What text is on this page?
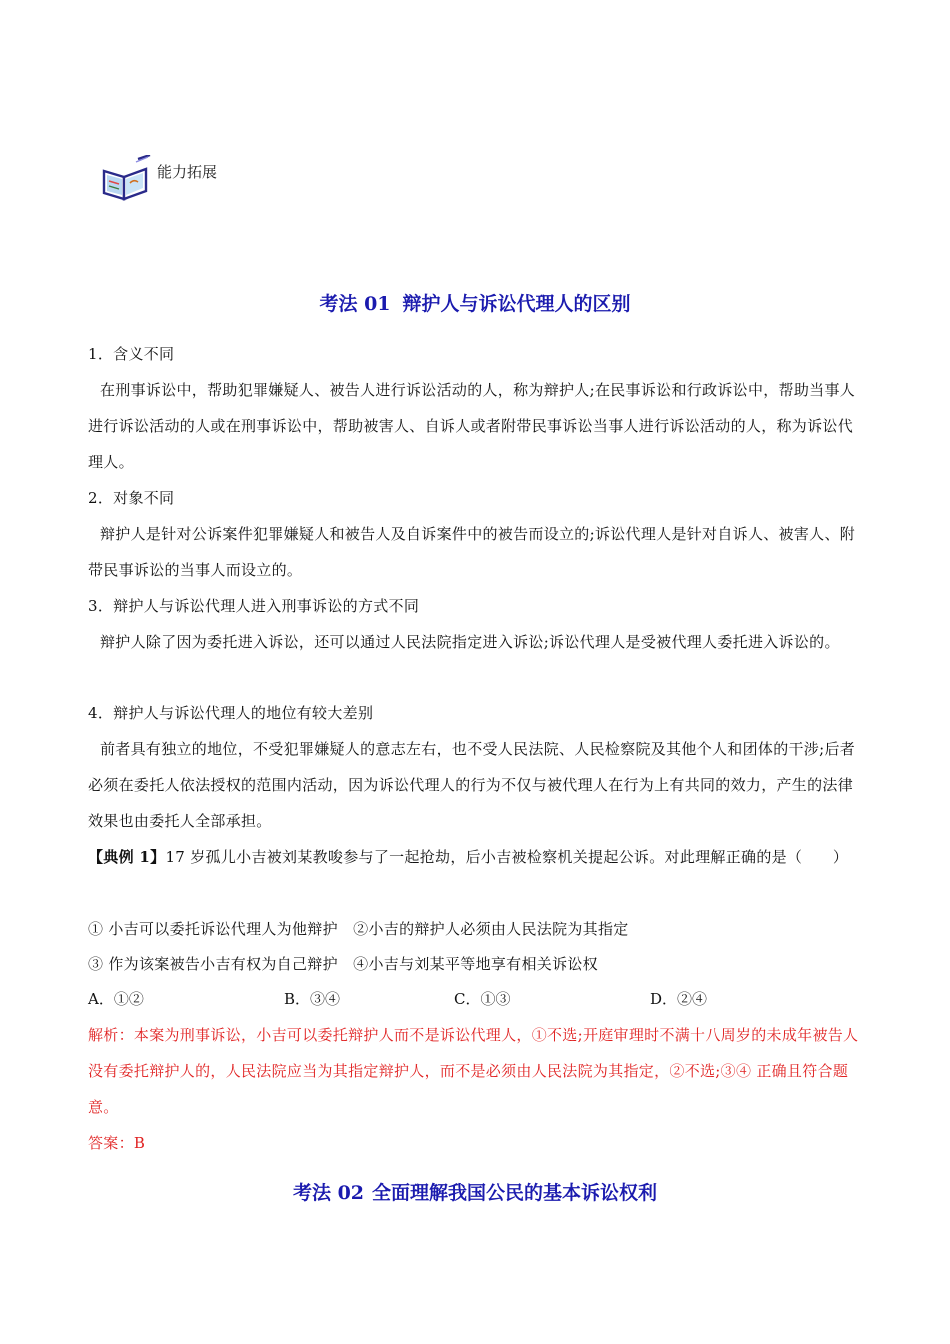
能力拓展
考法 01 辩护人与诉讼代理人的区别

1．含义不同

在刑事诉讼中，帮助犯罪嫌疑人、被告人进行诉讼活动的人，称为辩护人;在民事诉讼和行政诉讼中，帮助当事人进行诉讼活动的人或在刑事诉讼中，帮助被害人、自诉人或者附带民事诉讼当事人进行诉讼活动的人，称为诉讼代理人。

2．对象不同

辩护人是针对公诉案件犯罪嫌疑人和被告人及自诉案件中的被告而设立的;诉讼代理人是针对自诉人、被害人、附带民事诉讼的当事人而设立的。

3．辩护人与诉讼代理人进入刑事诉讼的方式不同

辩护人除了因为委托进入诉讼，还可以通过人民法院指定进入诉讼;诉讼代理人是受被代理人委托进入诉讼的。

4．辩护人与诉讼代理人的地位有较大差别

前者具有独立的地位，不受犯罪嫌疑人的意志左右，也不受人民法院、人民检察院及其他个人和团体的干涉;后者必须在委托人依法授权的范围内活动，因为诉讼代理人的行为不仅与被代理人在行为上有共同的效力，产生的法律效果也由委托人全部承担。

【典例 1】17 岁孤儿小吉被刘某教唆参与了一起抢劫，后小吉被检察机关提起公诉。对此理解正确的是（　　）

① 小吉可以委托诉讼代理人为他辩护　②小吉的辩护人必须由人民法院为其指定

③ 作为该案被告小吉有权为自己辩护　④小吉与刘某平等地享有相关诉讼权

A．①②	B．③④	C．①③	D．②④

解析：本案为刑事诉讼，小吉可以委托辩护人而不是诉讼代理人，①不选;开庭审理时不满十八周岁的未成年被告人没有委托辩护人的，人民法院应当为其指定辩护人，而不是必须由人民法院为其指定，②不选;③④ 正确且符合题意。

答案：B

考法 02 全面理解我国公民的基本诉讼权利
